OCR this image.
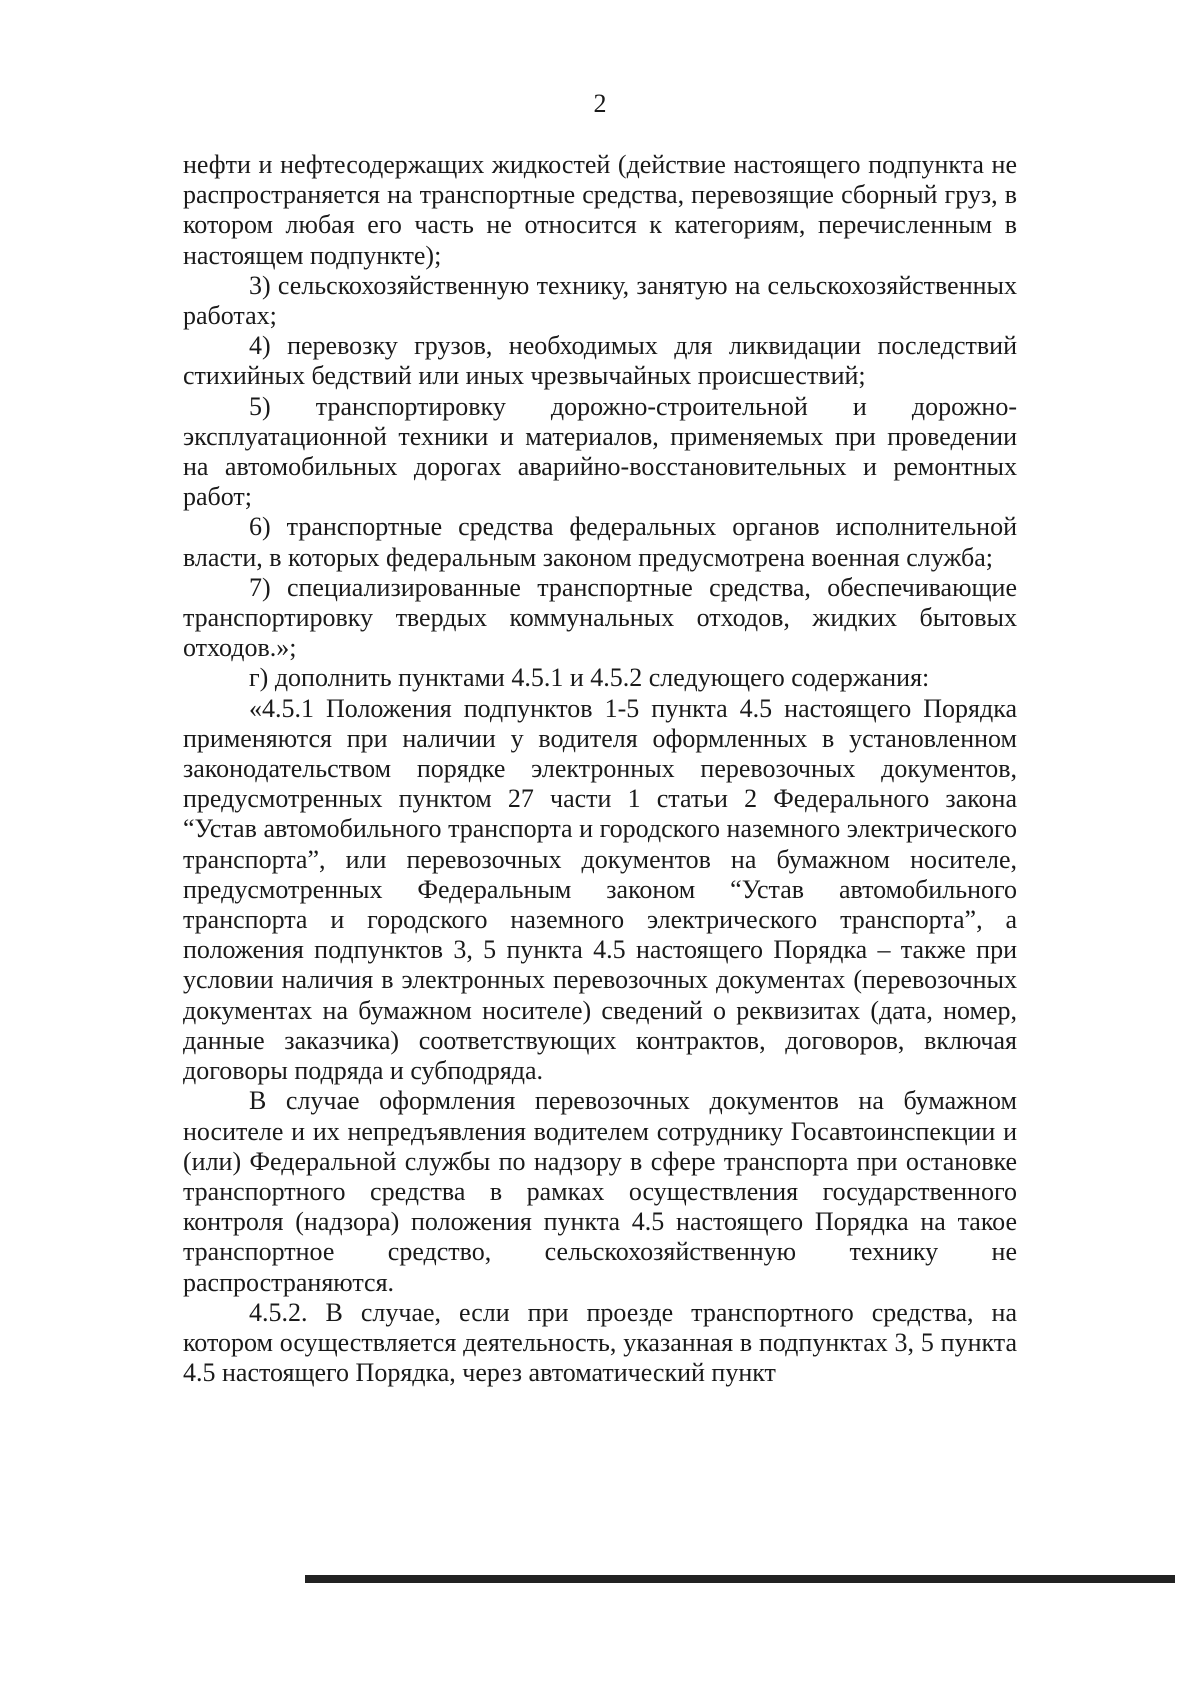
2

нефти и нефтесодержащих жидкостей (действие настоящего подпункта не распространяется на транспортные средства, перевозящие сборный груз, в котором любая его часть не относится к категориям, перечисленным в настоящем подпункте);

3) сельскохозяйственную технику, занятую на сельскохозяйственных работах;

4) перевозку грузов, необходимых для ликвидации последствий стихийных бедствий или иных чрезвычайных происшествий;

5) транспортировку дорожно-строительной и дорожно-эксплуатационной техники и материалов, применяемых при проведении на автомобильных дорогах аварийно-восстановительных и ремонтных работ;

6) транспортные средства федеральных органов исполнительной власти, в которых федеральным законом предусмотрена военная служба;

7) специализированные транспортные средства, обеспечивающие транспортировку твердых коммунальных отходов, жидких бытовых отходов.»;

г) дополнить пунктами 4.5.1 и 4.5.2 следующего содержания:

«4.5.1 Положения подпунктов 1-5 пункта 4.5 настоящего Порядка применяются при наличии у водителя оформленных в установленном законодательством порядке электронных перевозочных документов, предусмотренных пунктом 27 части 1 статьи 2 Федерального закона “Устав автомобильного транспорта и городского наземного электрического транспорта”, или перевозочных документов на бумажном носителе, предусмотренных Федеральным законом “Устав автомобильного транспорта и городского наземного электрического транспорта”, а положения подпунктов 3, 5 пункта 4.5 настоящего Порядка – также при условии наличия в электронных перевозочных документах (перевозочных документах на бумажном носителе) сведений о реквизитах (дата, номер, данные заказчика) соответствующих контрактов, договоров, включая договоры подряда и субподряда.

В случае оформления перевозочных документов на бумажном носителе и их непредъявления водителем сотруднику Госавтоинспекции и (или) Федеральной службы по надзору в сфере транспорта при остановке транспортного средства в рамках осуществления государственного контроля (надзора) положения пункта 4.5 настоящего Порядка на такое транспортное средство, сельскохозяйственную технику не распространяются.

4.5.2. В случае, если при проезде транспортного средства, на котором осуществляется деятельность, указанная в подпунктах 3, 5 пункта 4.5 настоящего Порядка, через автоматический пункт
